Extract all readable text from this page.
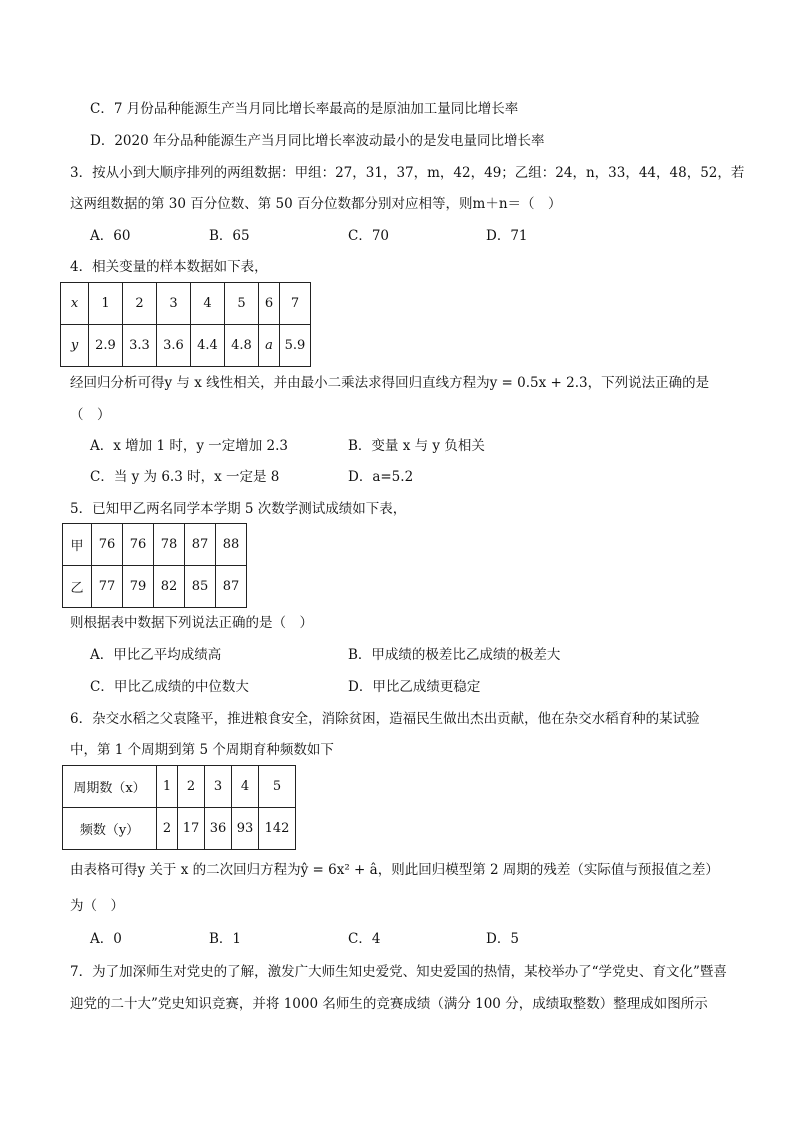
C．7 月份品种能源生产当月同比增长率最高的是原油加工量同比增长率
D．2020 年分品种能源生产当月同比增长率波动最小的是发电量同比增长率
3．按从小到大顺序排列的两组数据：甲组：27，31，37，m，42，49；乙组：24，n，33，44，48，52，若
这两组数据的第 30 百分位数、第 50 百分位数都分别对应相等，则m＋n＝（　）
A．60	B．65	C．70	D．71
4．相关变量的样本数据如下表，
x	1	2	3	4	5	6	7
y	2.9	3.3	3.6	4.4	4.8	a	5.9
经回归分析可得y 与 x 线性相关，并由最小二乘法求得回归直线方程为y = 0.5x + 2.3，下列说法正确的是
（　）
A．x 增加 1 时，y 一定增加 2.3	B．变量 x 与 y 负相关
C．当 y 为 6.3 时，x 一定是 8	D．a=5.2
5．已知甲乙两名同学本学期 5 次数学测试成绩如下表，
甲	76	76	78	87	88
乙	77	79	82	85	87
则根据表中数据下列说法正确的是（　）
A．甲比乙平均成绩高	B．甲成绩的极差比乙成绩的极差大
C．甲比乙成绩的中位数大	D．甲比乙成绩更稳定
6．杂交水稻之父袁隆平，推进粮食安全，消除贫困，造福民生做出杰出贡献，他在杂交水稻育种的某试验
中，第 1 个周期到第 5 个周期育种频数如下
周期数（x）	1	2	3	4	5
频数（y）	2	17	36	93	142
由表格可得y 关于 x 的二次回归方程为ŷ = 6x² + â，则此回归模型第 2 周期的残差（实际值与预报值之差）
为（　）
A．0	B．1	C．4	D．5
7．为了加深师生对党史的了解，激发广大师生知史爱党、知史爱国的热情，某校举办了“学党史、育文化”暨喜
迎党的二十大”党史知识竞赛，并将 1000 名师生的竞赛成绩（满分 100 分，成绩取整数）整理成如图所示
